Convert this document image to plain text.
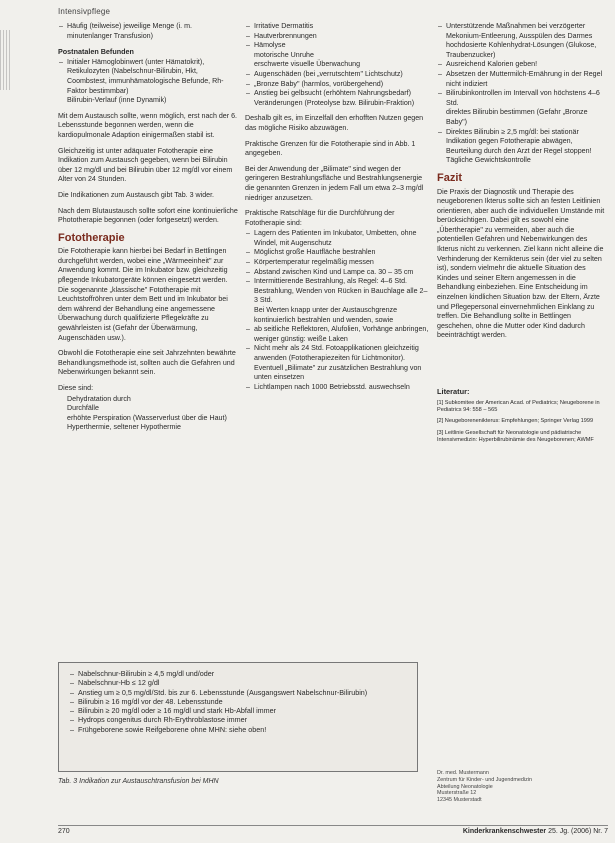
Intensivpflege
– Häufig (teilweise) jeweilige Menge (i. m. minutenlanger Transfusion)
Postnatalen Befunden
– Initialer Hämoglobinwert (unter Hämatokrit), Retikulozyten (Nabelschnur-Bilirubin, Hkt, Coombstest, immunhämatologische Befunde, Rh-Faktor bestimmbar)
Bilirubin-Verlauf (inne Dynamik)

Mit dem Austausch sollte, wenn möglich, erst nach der 6. Lebensstunde begonnen werden, wenn die kardiopulmonale Adaption einigermaßen stabil ist.

Gleichzeitig ist unter adäquater Fototherapie eine Indikation zum Austausch gegeben, wenn bei Bilirubin über 12 mg/dl und bei Bilirubin über 12 mg/dl vor einem Alter von 24 Stunden.

Die Indikationen zum Austausch gibt Tab. 3 wider.

Nach dem Blutaustausch sollte sofort eine kontinuierliche Phototherapie begonnen (oder fortgesetzt) werden.

Fototherapie

Die Fototherapie kann hierbei bei Bedarf in Bettlingen durchgeführt werden, wobei eine „Wärmeeinheit" zur Anwendung kommt. Die im Inkubator bzw. gleichzeitig pflegende Inkubatorgeräte können eingesetzt werden. Die sogenannte „klassische" Fototherapie mit Leuchtstoffröhren unter dem Bett und im Inkubator bei dem während der Behandlung eine angemessene Überwachung durch qualifizierte Pflegekräfte zu gewährleisten ist (Gefahr der Überwärmung, Augenschäden usw.).

Obwohl die Fototherapie eine seit Jahrzehnten bewährte Behandlungsmethode ist, sollten auch die Gefahren und Nebenwirkungen bekannt sein.

Diese sind:

Dehydratation durch
Durchfälle
erhöhte Perspiration (Wasserverlust über die Haut)
Hyperthermie, seltener Hypothermie
– Irritative Dermatitis
– Hautverbrennungen
– Hämolyse
motorische Unruhe
erschwerte visuelle Überwachung
– Augenschäden (bei „verrutschtem" Lichtschutz)
– „Bronze Baby" (harmlos, vorübergehend)
– Anstieg bei gelbsucht (erhöhtem Nahrungsbedarf)
Veränderungen (Proteolyse bzw. Bilirubin-Fraktion)

Deshalb gilt es, im Einzelfall den erhofften Nutzen gegen das mögliche Risiko abzuwägen.

Praktische Grenzen für die Fototherapie sind in Abb. 1 angegeben.

Bei der Anwendung der „Bilimate" sind wegen der geringeren Bestrahlungsfläche und Bestrahlungsenergie die genannten Grenzen in jedem Fall um etwa 2–3 mg/dl niedriger anzusetzen.

Praktische Ratschläge für die Durchführung der Fototherapie sind:

– Lagern des Patienten im Inkubator, Umbetten, ohne Windel, mit Augenschutz
– Möglichst große Hautfläche bestrahlen
– Körpertemperatur regelmäßig messen
– Abstand zwischen Kind und Lampe ca. 30 – 35 cm
– Intermittierende Bestrahlung, als Regel: 4–6 Std. Bestrahlung, Wenden von Rücken in Bauchlage alle 2–3 Std.
Bei Werten knapp unter der Austauschgrenze kontinuierlich bestrahlen und wenden, sowie
– ab seitliche Reflektoren, Alufolien, Vorhänge anbringen, weniger günstig: weiße Laken
– Nicht mehr als 24 Std. Fotoapplikationen gleichzeitig anwenden (Fototherapiezeiten für Lichtmonitor). Eventuell „Bilimate" zur zusätzlichen Bestrahlung von unten einsetzen
– Lichtlampen nach 1000 Betriebsstd. auswechseln
– Unterstützende Maßnahmen bei verzögerter Mekonium-Entleerung, Ausspülen des Darmes hochdosierte Kohlenhydrat-Lösungen (Glukose, Traubenzucker)
– Ausreichend Kalorien geben!
– Absetzen der Muttermilch-Ernährung in der Regel nicht indiziert
– Bilirubinkontrollen im Intervall von höchstens 4–6 Std.
direktes Bilirubin bestimmen (Gefahr „Bronze Baby")
– Direktes Bilirubin ≥ 2,5 mg/dl: bei stationär Indikation gegen Fototherapie abwägen, Beurteilung durch den Arzt der Regel stoppen!
Tägliche Gewichtskontrolle
Fazit

Die Praxis der Diagnostik und Therapie des neugeborenen Ikterus sollte sich an festen Leitlinien orientieren, aber auch die individuellen Umstände mit berücksichtigen. Dabei gilt es sowohl eine „Übertherapie" zu vermeiden, aber auch die potentiellen Gefahren und Nebenwirkungen des Ikterus nicht zu verkennen. Ziel kann nicht alleine die Verhinderung der Kernikterus sein (der viel zu selten ist), sondern vielmehr die aktuelle Situation des Kindes und seiner Eltern angemessen in die Behandlung einbeziehen. Eine Entscheidung im einzelnen kindlichen Situation bzw. der Eltern, Ärzte und Pflegepersonal einvernehmlichen Einklang zu treffen. Die Behandlung sollte in Bettlingen geschehen, ohne die Mutter oder Kind dadurch beeinträchtigt werden.

Literatur:

[1] Subkomitee der American Acad. of Pediatrics; Neugeborene in Pediatrics 94: 558 – 565

[2] Neugeborenenikterus: Empfehlungen; Springer Verlag 1999

[3] Leitlinie Gesellschaft für Neonatologie und pädiatrische Intensivmedizin: Hyperbilirubinämie des Neugeborenen; AWMF

– Nabelschnur-Bilirubin ≥ 4,5 mg/dl und/oder
– Nabelschnur-Hb ≤ 12 g/dl
– Anstieg um ≥ 0,5 mg/dl/Std. bis zur 6. Lebensstunde (Ausgangswert Nabelschnur-Bilirubin)
– Bilirubin ≥ 16 mg/dl vor der 48. Lebensstunde
– Bilirubin ≥ 20 mg/dl oder ≥ 16 mg/dl und stark Hb-Abfall immer
– Hydrops congenitus durch Rh-Erythroblastose immer
– Frühgeborene sowie Reifgeborene ohne MHN: siehe oben!
Tab. 3 Indikation zur Austauschtransfusion bei MHN
Dr. med. Mustermann
Zentrum für Kinder- und Jugendmedizin
Abteilung Neonatologie
Musterstraße 12
12345 Musterstadt
270	Kinderkrankenschwester 25. Jg. (2006) Nr. 7
